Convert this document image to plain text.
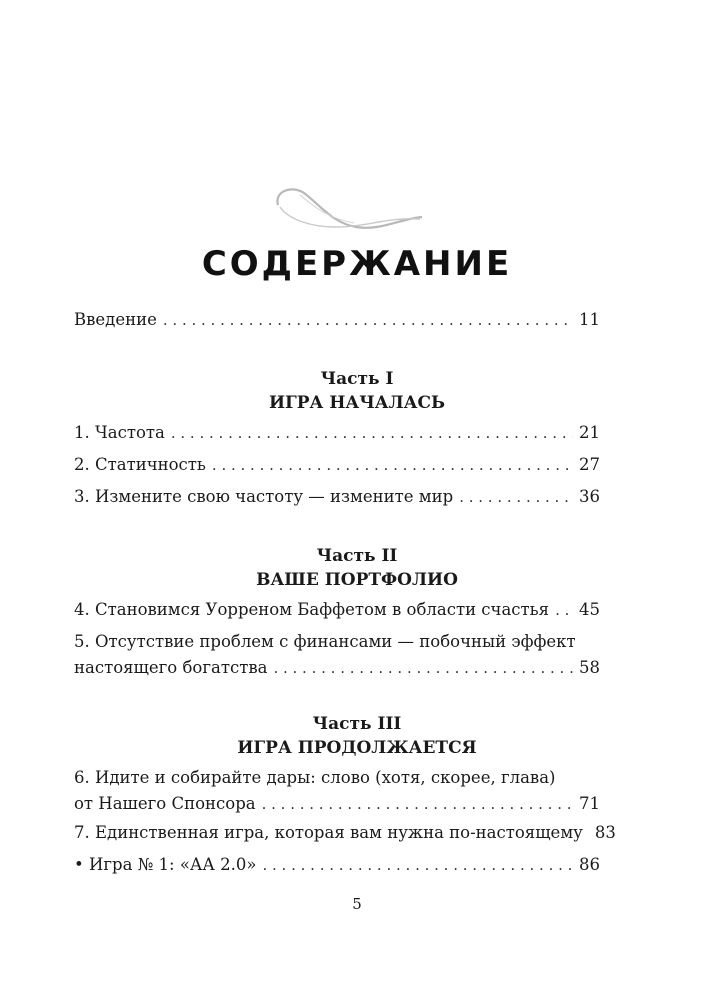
СОДЕРЖАНИЕ
Введение . . .	11
Часть I
ИГРА НАЧАЛАСЬ
1. Частота . . .	21
2. Статичность . . .	27
3. Измените свою частоту — измените мир . . .	36
Часть II
ВАШЕ ПОРТФОЛИО
4. Становимся Уорреном Баффетом в области счастья . . . 45
5. Отсутствие проблем с финансами — побочный эффект
настоящего богатства . . .	58
Часть III
ИГРА ПРОДОЛЖАЕТСЯ
6. Идите и собирайте дары: слово (хотя, скорее, глава)
от Нашего Спонсора . . .	71
7. Единственная игра, которая вам нужна по-настоящему 83
• Игра № 1: «АА 2.0» . . .	86
5
